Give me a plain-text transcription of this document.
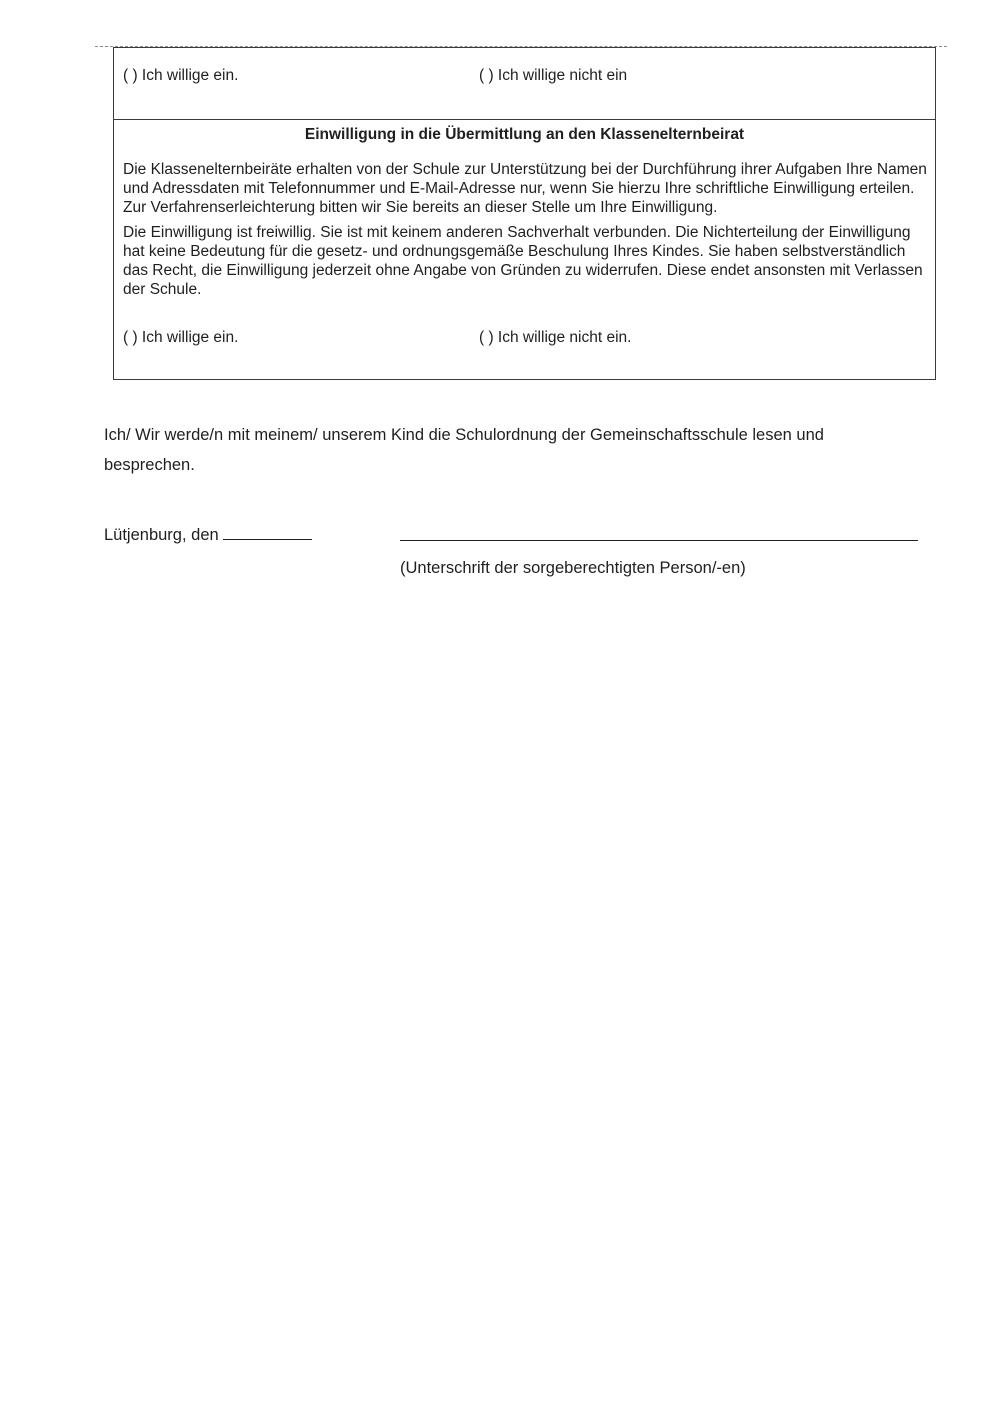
( ) Ich willige ein.	( ) Ich willige nicht ein
Einwilligung in die Übermittlung an den Klassenelternbeirat
Die Klassenelternbeiräte erhalten von der Schule zur Unterstützung bei der Durchführung ihrer Aufgaben Ihre Namen und Adressdaten mit Telefonnummer und E-Mail-Adresse nur, wenn Sie hierzu Ihre schriftliche Einwilligung erteilen. Zur Verfahrenserleichterung bitten wir Sie bereits an dieser Stelle um Ihre Einwilligung.
Die Einwilligung ist freiwillig. Sie ist mit keinem anderen Sachverhalt verbunden. Die Nichterteilung der Einwilligung hat keine Bedeutung für die gesetz- und ordnungsgemäße Beschulung Ihres Kindes. Sie haben selbstverständlich das Recht, die Einwilligung jederzeit ohne Angabe von Gründen zu widerrufen. Diese endet ansonsten mit Verlassen der Schule.
( ) Ich willige ein.	( ) Ich willige nicht ein.
Ich/ Wir werde/n mit meinem/ unserem Kind die Schulordnung der Gemeinschaftsschule lesen und besprechen.
Lütjenburg, den
(Unterschrift der sorgeberechtigten Person/-en)
